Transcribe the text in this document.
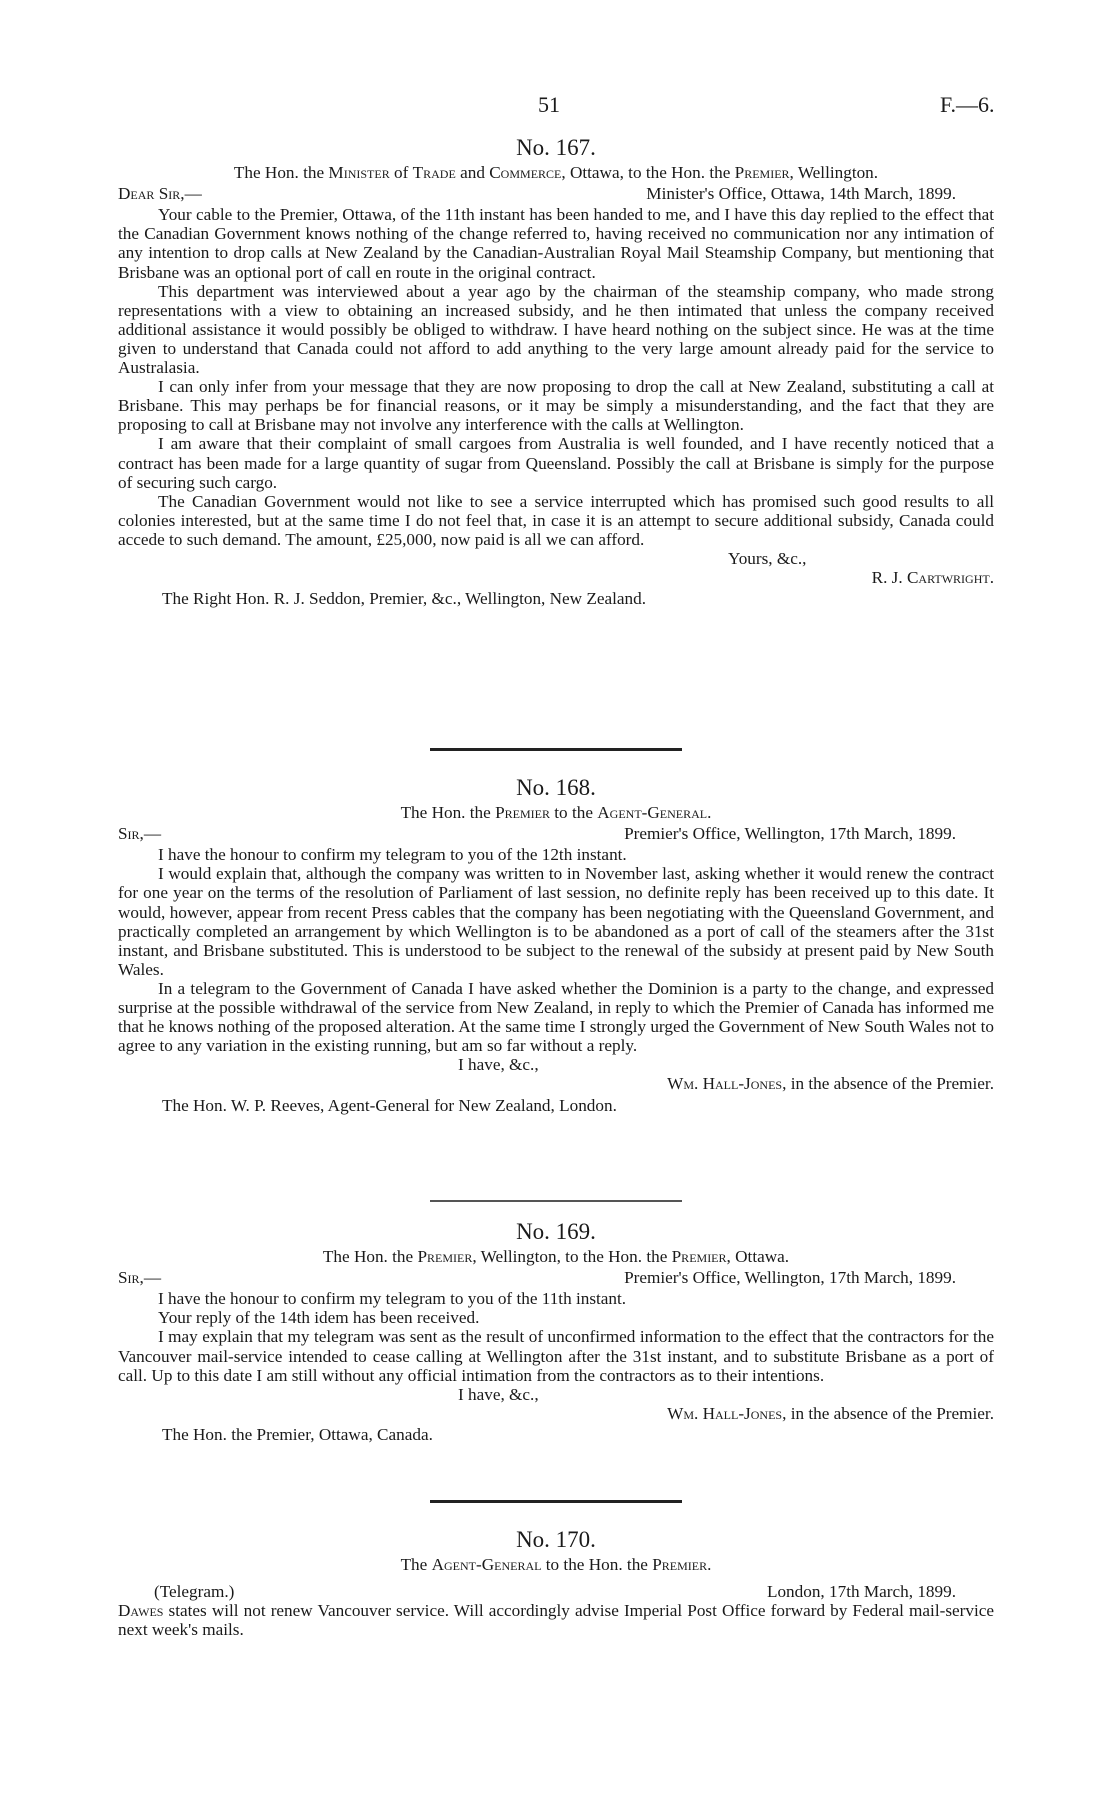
51	F.—6.
No. 167.

The Hon. the Minister of Trade and Commerce, Ottawa, to the Hon. the Premier, Wellington.

Dear Sir,—	Minister's Office, Ottawa, 14th March, 1899.

Your cable to the Premier, Ottawa, of the 11th instant has been handed to me, and I have this day replied to the effect that the Canadian Government knows nothing of the change referred to, having received no communication nor any intimation of any intention to drop calls at New Zealand by the Canadian-Australian Royal Mail Steamship Company, but mentioning that Brisbane was an optional port of call en route in the original contract.

This department was interviewed about a year ago by the chairman of the steamship company, who made strong representations with a view to obtaining an increased subsidy, and he then intimated that unless the company received additional assistance it would possibly be obliged to withdraw. I have heard nothing on the subject since. He was at the time given to understand that Canada could not afford to add anything to the very large amount already paid for the service to Australasia.

I can only infer from your message that they are now proposing to drop the call at New Zealand, substituting a call at Brisbane. This may perhaps be for financial reasons, or it may be simply a misunderstanding, and the fact that they are proposing to call at Brisbane may not involve any interference with the calls at Wellington.

I am aware that their complaint of small cargoes from Australia is well founded, and I have recently noticed that a contract has been made for a large quantity of sugar from Queensland. Possibly the call at Brisbane is simply for the purpose of securing such cargo.

The Canadian Government would not like to see a service interrupted which has promised such good results to all colonies interested, but at the same time I do not feel that, in case it is an attempt to secure additional subsidy, Canada could accede to such demand. The amount, £25,000, now paid is all we can afford.

Yours, &c.,

R. J. Cartwright.

The Right Hon. R. J. Seddon, Premier, &c., Wellington, New Zealand.

No. 168.

The Hon. the Premier to the Agent-General.

Sir,—	Premier's Office, Wellington, 17th March, 1899.

I have the honour to confirm my telegram to you of the 12th instant.

I would explain that, although the company was written to in November last, asking whether it would renew the contract for one year on the terms of the resolution of Parliament of last session, no definite reply has been received up to this date. It would, however, appear from recent Press cables that the company has been negotiating with the Queensland Government, and practically completed an arrangement by which Wellington is to be abandoned as a port of call of the steamers after the 31st instant, and Brisbane substituted. This is understood to be subject to the renewal of the subsidy at present paid by New South Wales.

In a telegram to the Government of Canada I have asked whether the Dominion is a party to the change, and expressed surprise at the possible withdrawal of the service from New Zealand, in reply to which the Premier of Canada has informed me that he knows nothing of the proposed alteration. At the same time I strongly urged the Government of New South Wales not to agree to any variation in the existing running, but am so far without a reply.

I have, &c.,

Wm. Hall-Jones, in the absence of the Premier.

The Hon. W. P. Reeves, Agent-General for New Zealand, London.

No. 169.

The Hon. the Premier, Wellington, to the Hon. the Premier, Ottawa.

Sir,—	Premier's Office, Wellington, 17th March, 1899.

I have the honour to confirm my telegram to you of the 11th instant.

Your reply of the 14th idem has been received.

I may explain that my telegram was sent as the result of unconfirmed information to the effect that the contractors for the Vancouver mail-service intended to cease calling at Wellington after the 31st instant, and to substitute Brisbane as a port of call. Up to this date I am still without any official intimation from the contractors as to their intentions.

I have, &c.,

Wm. Hall-Jones, in the absence of the Premier.

The Hon. the Premier, Ottawa, Canada.

No. 170.

The Agent-General to the Hon. the Premier.

(Telegram.)	London, 17th March, 1899.

Dawes states will not renew Vancouver service. Will accordingly advise Imperial Post Office forward by Federal mail-service next week's mails.
